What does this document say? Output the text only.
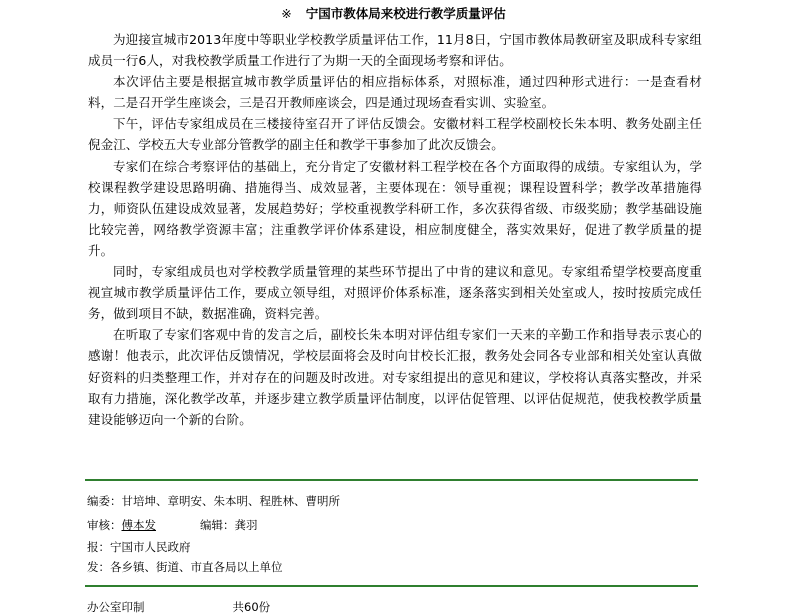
※ 宁国市教体局来校进行教学质量评估

为迎接宣城市2013年度中等职业学校教学质量评估工作，11月8日，宁国市教体局教研室及职成科专家组成员一行6人，对我校教学质量工作进行了为期一天的全面现场考察和评估。

本次评估主要是根据宣城市教学质量评估的相应指标体系，对照标准，通过四种形式进行：一是查看材料，二是召开学生座谈会，三是召开教师座谈会，四是通过现场查看实训、实验室。

下午，评估专家组成员在三楼接待室召开了评估反馈会。安徽材料工程学校副校长朱本明、教务处副主任倪金江、学校五大专业部分管教学的副主任和教学干事参加了此次反馈会。

专家们在综合考察评估的基础上，充分肯定了安徽材料工程学校在各个方面取得的成绩。专家组认为，学校课程教学建设思路明确、措施得当、成效显著，主要体现在：领导重视；课程设置科学；教学改革措施得力，师资队伍建设成效显著，发展趋势好；学校重视教学科研工作，多次获得省级、市级奖励；教学基础设施比较完善，网络教学资源丰富；注重教学评价体系建设，相应制度健全，落实效果好，促进了教学质量的提升。

同时，专家组成员也对学校教学质量管理的某些环节提出了中肯的建议和意见。专家组希望学校要高度重视宣城市教学质量评估工作，要成立领导组，对照评价体系标准，逐条落实到相关处室或人，按时按质完成任务，做到项目不缺，数据准确，资料完善。

在听取了专家们客观中肯的发言之后，副校长朱本明对评估组专家们一天来的辛勤工作和指导表示衷心的感谢！他表示，此次评估反馈情况，学校层面将会及时向甘校长汇报，教务处会同各专业部和相关处室认真做好资料的归类整理工作，并对存在的问题及时改进。对专家组提出的意见和建议，学校将认真落实整改，并采取有力措施，深化教学改革，并逐步建立教学质量评估制度，以评估促管理、以评估促规范，使我校教学质量建设能够迈向一个新的台阶。

编委：甘培坤、章明安、朱本明、程胜林、曹明所
审核：傅本发	编辑：龚羽
报：宁国市人民政府
发：各乡镇、街道、市直各局以上单位
办公室印制	共60份
